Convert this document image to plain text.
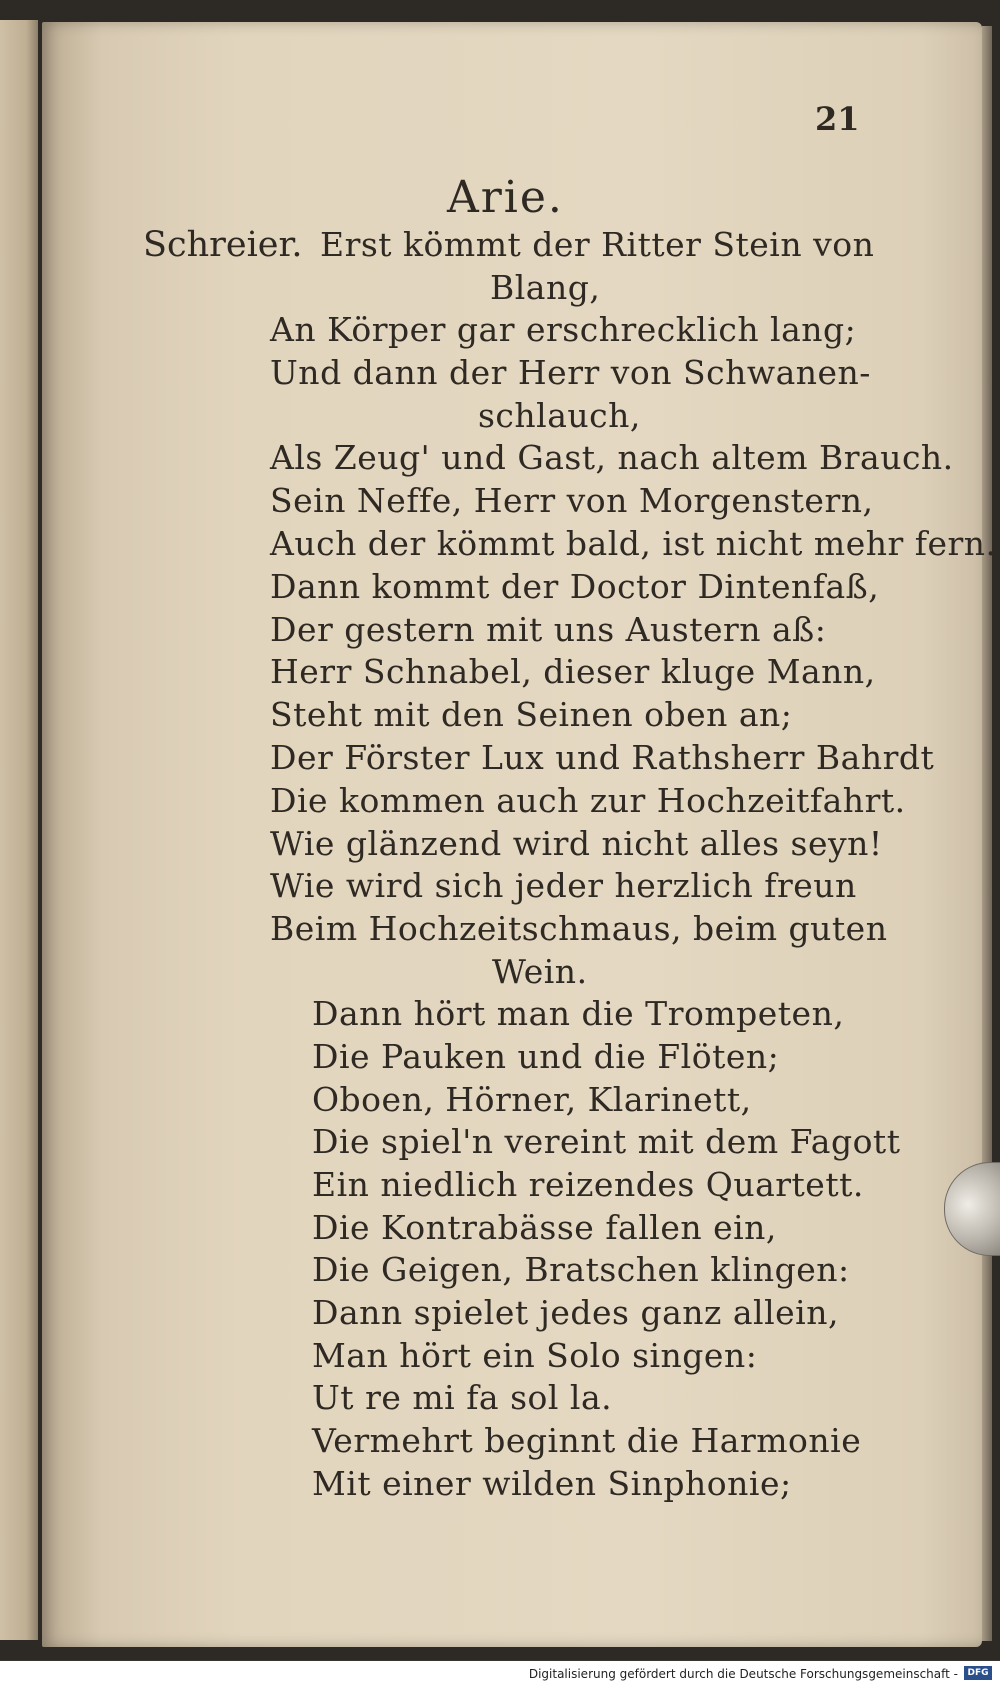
21
Arie.
Schreier. Erst kömmt der Ritter Stein von
Blang,
An Körper gar erschrecklich lang;
Und dann der Herr von Schwanen-
schlauch,
Als Zeug' und Gast, nach altem Brauch.
Sein Neffe, Herr von Morgenstern,
Auch der kömmt bald, ist nicht mehr fern.
Dann kommt der Doctor Dintenfaß,
Der gestern mit uns Austern aß:
Herr Schnabel, dieser kluge Mann,
Steht mit den Seinen oben an;
Der Förster Lux und Rathsherr Bahrdt
Die kommen auch zur Hochzeitfahrt.
Wie glänzend wird nicht alles seyn!
Wie wird sich jeder herzlich freun
Beim Hochzeitschmaus, beim guten
Wein.
Dann hört man die Trompeten,
Die Pauken und die Flöten;
Oboen, Hörner, Klarinett,
Die spiel'n vereint mit dem Fagott
Ein niedlich reizendes Quartett.
Die Kontrabässe fallen ein,
Die Geigen, Bratschen klingen:
Dann spielet jedes ganz allein,
Man hört ein Solo singen:
Ut re mi fa sol la.
Vermehrt beginnt die Harmonie
Mit einer wilden Sinphonie;
Digitalisierung gefördert durch die Deutsche Forschungsgemeinschaft -	DFG
